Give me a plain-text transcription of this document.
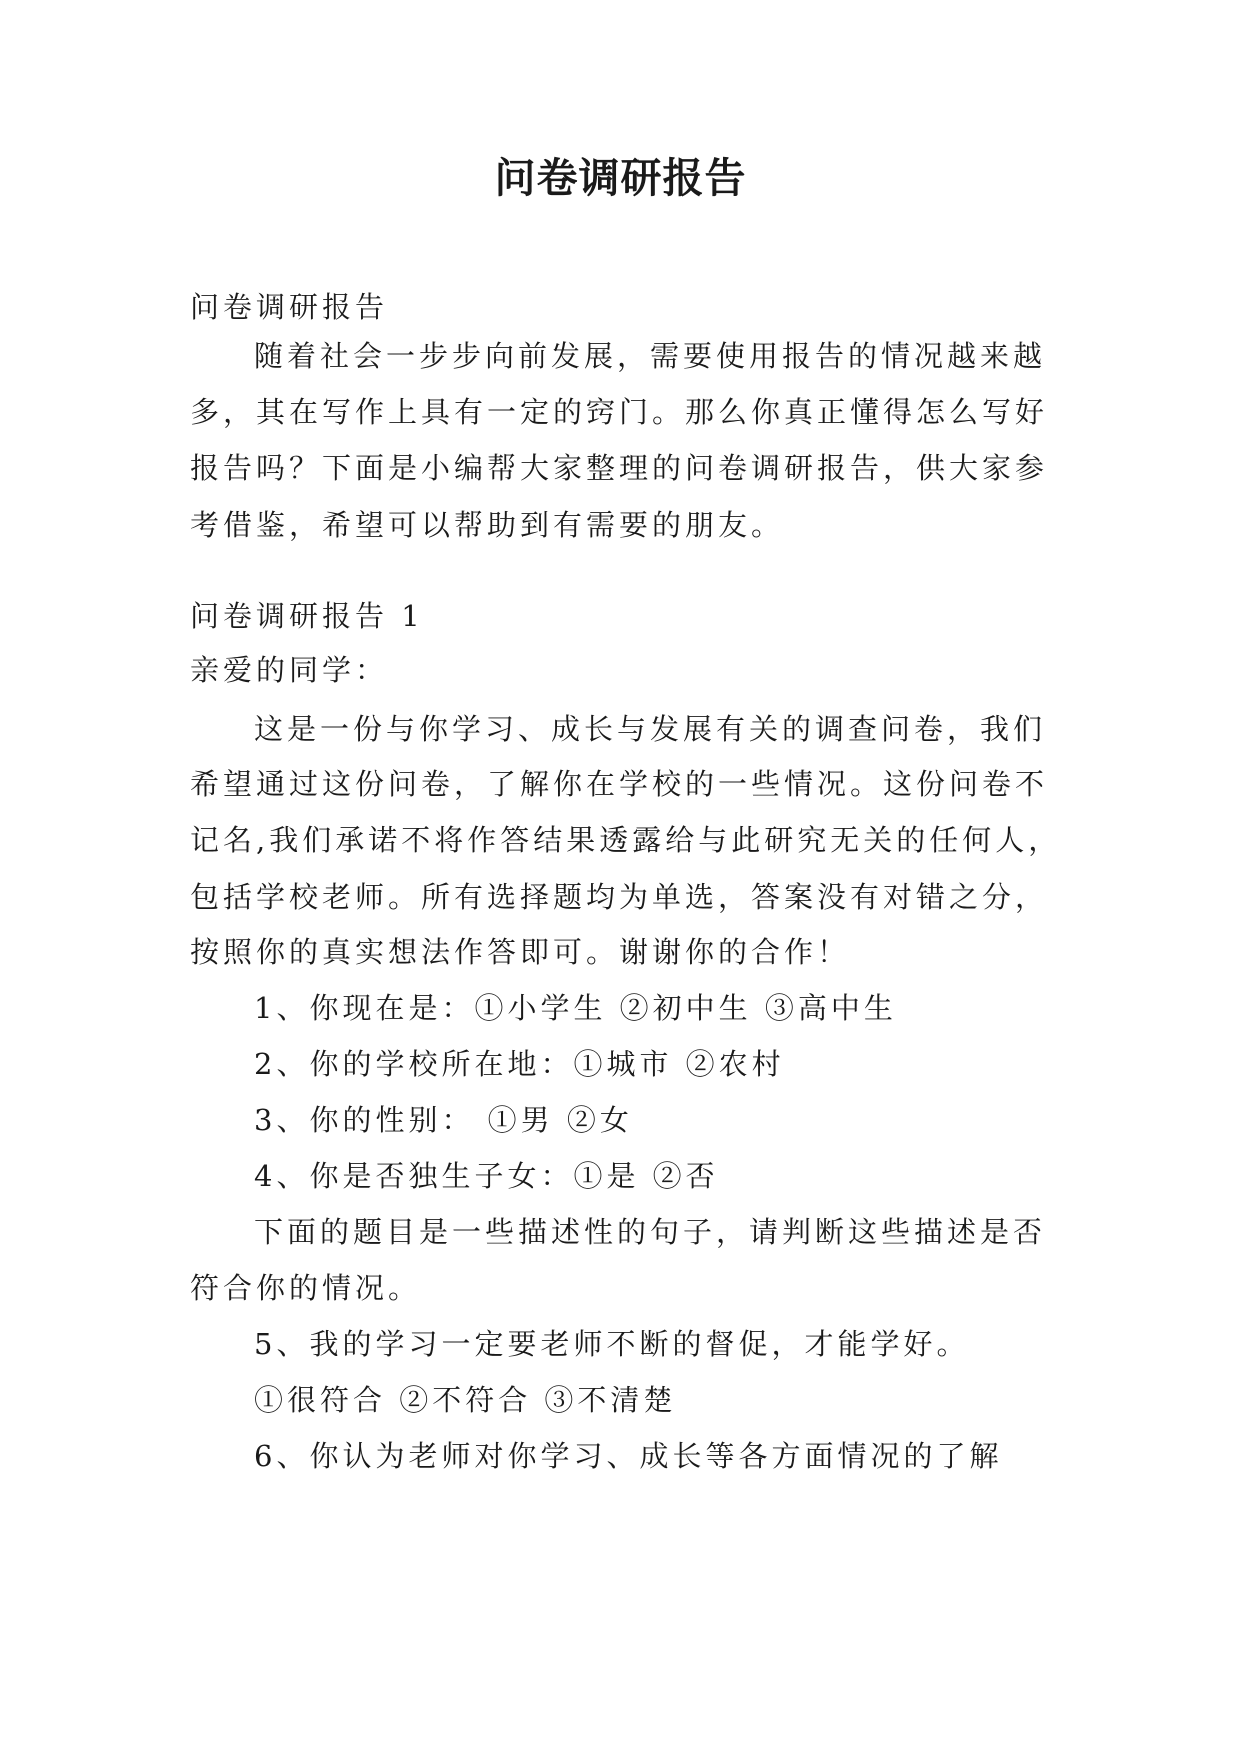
问卷调研报告
问卷调研报告
随着社会一步步向前发展，需要使用报告的情况越来越
多，其在写作上具有一定的窍门。那么你真正懂得怎么写好
报告吗？下面是小编帮大家整理的问卷调研报告，供大家参
考借鉴，希望可以帮助到有需要的朋友。
问卷调研报告 1
亲爱的同学：
这是一份与你学习、成长与发展有关的调查问卷，我们
希望通过这份问卷，了解你在学校的一些情况。这份问卷不
记名,我们承诺不将作答结果透露给与此研究无关的任何人，
包括学校老师。所有选择题均为单选，答案没有对错之分，
按照你的真实想法作答即可。谢谢你的合作！
1、你现在是：①小学生 ②初中生 ③高中生
2、你的学校所在地：①城市 ②农村
3、你的性别： ①男 ②女
4、你是否独生子女：①是 ②否
下面的题目是一些描述性的句子，请判断这些描述是否
符合你的情况。
5、我的学习一定要老师不断的督促，才能学好。
①很符合 ②不符合 ③不清楚
6、你认为老师对你学习、成长等各方面情况的了解
